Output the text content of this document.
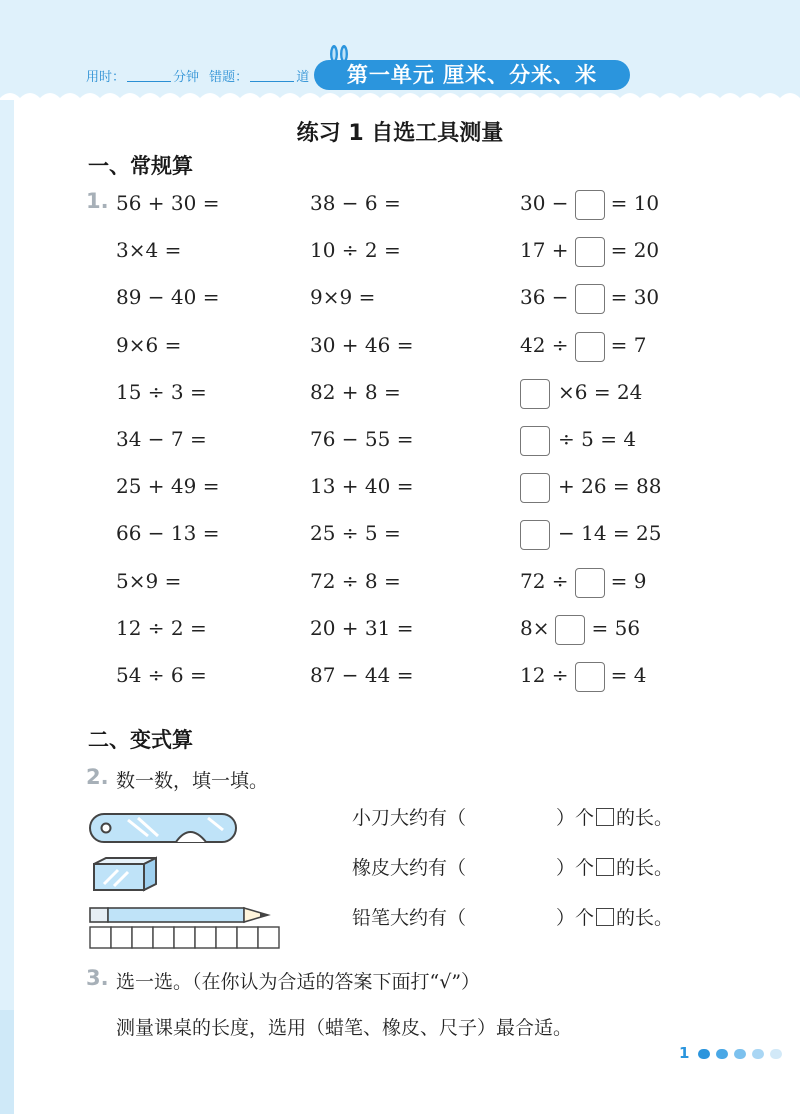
用时：	分钟 错题：	道	第一单元 厘米、分米、米
练习 1 自选工具测量
一、常规算
1. 56 + 30 =	38 − 6 =	30 − = 10
3×4 =	10 ÷ 2 =	17 + = 20
89 − 40 =	9×9 =	36 − = 30
9×6 =	30 + 46 =	42 ÷ = 7
15 ÷ 3 =	82 + 8 =	×6 = 24
34 − 7 =	76 − 55 =	÷ 5 = 4
25 + 49 =	13 + 40 =	+ 26 = 88
66 − 13 =	25 ÷ 5 =	− 14 = 25
5×9 =	72 ÷ 8 =	72 ÷ = 9
12 ÷ 2 =	20 + 31 =	8× = 56
54 ÷ 6 =	87 − 44 =	12 ÷ = 4
二、变式算
2. 数一数，填一填。
小刀大约有（	）个 的长。
橡皮大约有（	）个 的长。
铅笔大约有（	）个 的长。
3. 选一选。（在你认为合适的答案下面打“√”）
测量课桌的长度，选用（蜡笔、橡皮、尺子）最合适。
1
